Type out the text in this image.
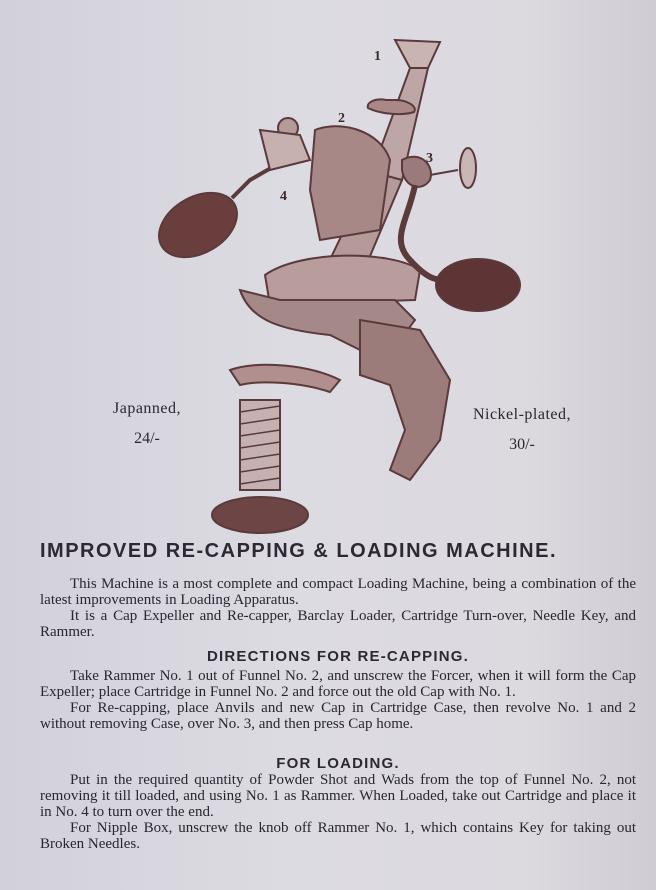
1
2
3
4
Japanned,
24/-
Nickel-plated,
30/-
IMPROVED RE-CAPPING & LOADING MACHINE.

This Machine is a most complete and compact Loading Machine, being a combination of the latest improvements in Loading Apparatus.

It is a Cap Expeller and Re-capper, Barclay Loader, Cartridge Turn-over, Needle Key, and Rammer.

DIRECTIONS FOR RE-CAPPING.

Take Rammer No. 1 out of Funnel No. 2, and unscrew the Forcer, when it will form the Cap Expeller; place Cartridge in Funnel No. 2 and force out the old Cap with No. 1.

For Re-capping, place Anvils and new Cap in Cartridge Case, then revolve No. 1 and 2 without removing Case, over No. 3, and then press Cap home.

FOR LOADING.

Put in the required quantity of Powder Shot and Wads from the top of Funnel No. 2, not removing it till loaded, and using No. 1 as Rammer. When Loaded, take out Cartridge and place it in No. 4 to turn over the end.

For Nipple Box, unscrew the knob off Rammer No. 1, which contains Key for taking out Broken Needles.
